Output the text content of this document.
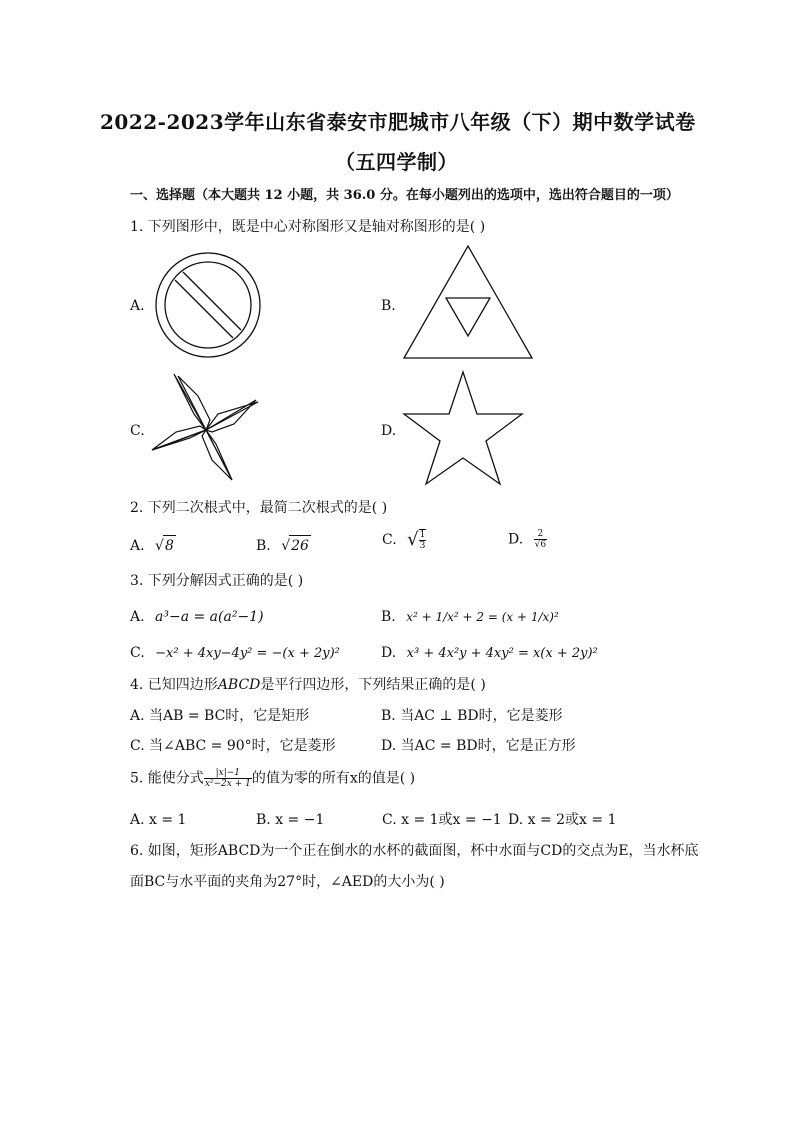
2022-2023学年山东省泰安市肥城市八年级（下）期中数学试卷
（五四学制）
一、选择题（本大题共 12 小题，共 36.0 分。在每小题列出的选项中，选出符合题目的一项）
1. 下列图形中，既是中心对称图形又是轴对称图形的是( )
A.	B.
C.	D.
2. 下列二次根式中，最简二次根式的是( )
A. √8	B. √26	C. √ $\frac{1}{3}$	D. $\frac{2}{√6}$
3. 下列分解因式正确的是( )
A. a³−a = a(a²−1)	B. x² + 1/x² + 2 = (x + 1/x)²
C. −x² + 4xy−4y² = −(x + 2y)²	D. x³ + 4x²y + 4xy² = x(x + 2y)²
4. 已知四边形ABCD是平行四边形，下列结果正确的是( )
A. 当AB = BC时，它是矩形	B. 当AC ⊥ BD时，它是菱形
C. 当∠ABC = 90°时，它是菱形	D. 当AC = BD时，它是正方形
5. 能使分式 $\frac{|x|-1}{\text{x²−2x + 1}}$ 的值为零的所有x的值是( )
A. x = 1	B. x = −1	C. x = 1或x = −1 D. x = 2或x = 1
6. 如图，矩形ABCD为一个正在倒水的水杯的截面图，杯中水面与CD的交点为E，当水杯底
面BC与水平面的夹角为27°时，∠AED的大小为( )
